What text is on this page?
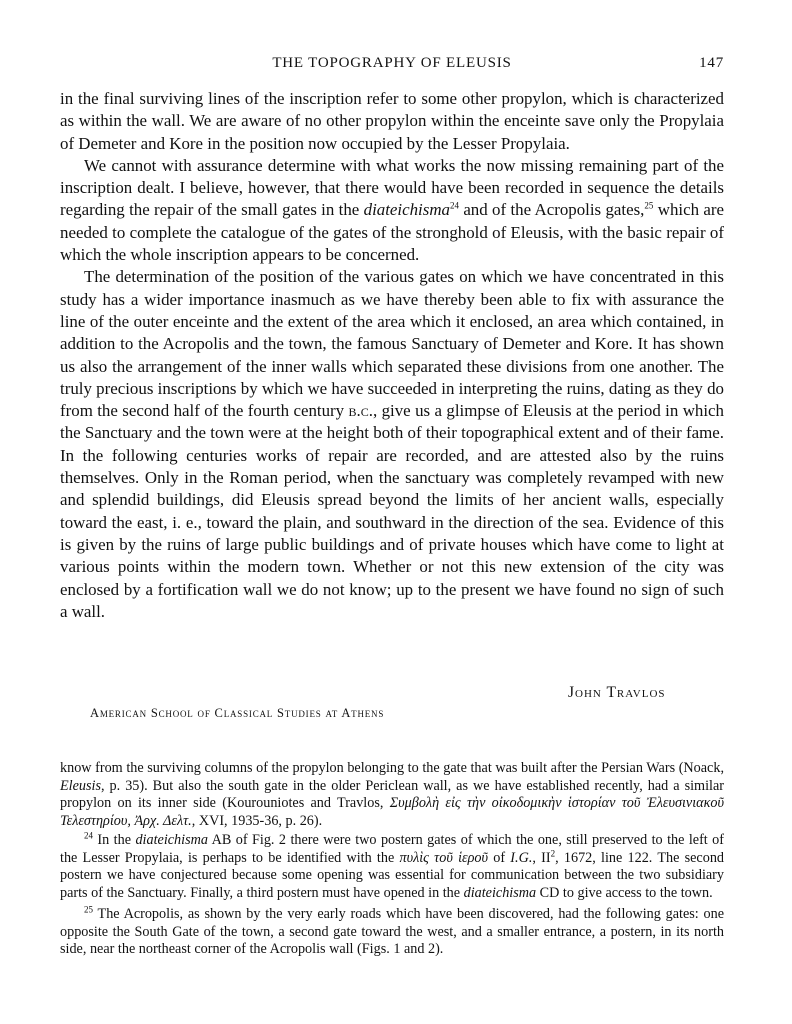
THE TOPOGRAPHY OF ELEUSIS	147

in the final surviving lines of the inscription refer to some other propylon, which is characterized as within the wall. We are aware of no other propylon within the enceinte save only the Propylaia of Demeter and Kore in the position now occupied by the Lesser Propylaia.

We cannot with assurance determine with what works the now missing remaining part of the inscription dealt. I believe, however, that there would have been recorded in sequence the details regarding the repair of the small gates in the diateichisma$^{24}$ and of the Acropolis gates,$^{25}$ which are needed to complete the catalogue of the gates of the stronghold of Eleusis, with the basic repair of which the whole inscription appears to be concerned.

The determination of the position of the various gates on which we have concentrated in this study has a wider importance inasmuch as we have thereby been able to fix with assurance the line of the outer enceinte and the extent of the area which it enclosed, an area which contained, in addition to the Acropolis and the town, the famous Sanctuary of Demeter and Kore. It has shown us also the arrangement of the inner walls which separated these divisions from one another. The truly precious inscriptions by which we have succeeded in interpreting the ruins, dating as they do from the second half of the fourth century b.c., give us a glimpse of Eleusis at the period in which the Sanctuary and the town were at the height both of their topographical extent and of their fame. In the following centuries works of repair are recorded, and are attested also by the ruins themselves. Only in the Roman period, when the sanctuary was completely revamped with new and splendid buildings, did Eleusis spread beyond the limits of her ancient walls, especially toward the east, i. e., toward the plain, and southward in the direction of the sea. Evidence of this is given by the ruins of large public buildings and of private houses which have come to light at various points within the modern town. Whether or not this new extension of the city was enclosed by a fortification wall we do not know; up to the present we have found no sign of such a wall.

John Travlos
American School of Classical Studies at Athens

know from the surviving columns of the propylon belonging to the gate that was built after the Persian Wars (Noack, Eleusis, p. 35). But also the south gate in the older Periclean wall, as we have established recently, had a similar propylon on its inner side (Kourouniotes and Travlos, Συμβολὴ εἰς τὴν οἰκοδομικὴν ἱστορίαν τοῦ Ἐλευσινιακοῦ Τελεστηρίου, Ἀρχ. Δελτ., XVI, 1935-36, p. 26).

$^{24}$ In the diateichisma AB of Fig. 2 there were two postern gates of which the one, still preserved to the left of the Lesser Propylaia, is perhaps to be identified with the πυλὶς τοῦ ἱεροῦ of I.G., $II^2$, 1672, line 122. The second postern we have conjectured because some opening was essential for communication between the two subsidiary parts of the Sanctuary. Finally, a third postern must have opened in the diateichisma CD to give access to the town.

$^{25}$ The Acropolis, as shown by the very early roads which have been discovered, had the following gates: one opposite the South Gate of the town, a second gate toward the west, and a smaller entrance, a postern, in its north side, near the northeast corner of the Acropolis wall (Figs. 1 and 2).
